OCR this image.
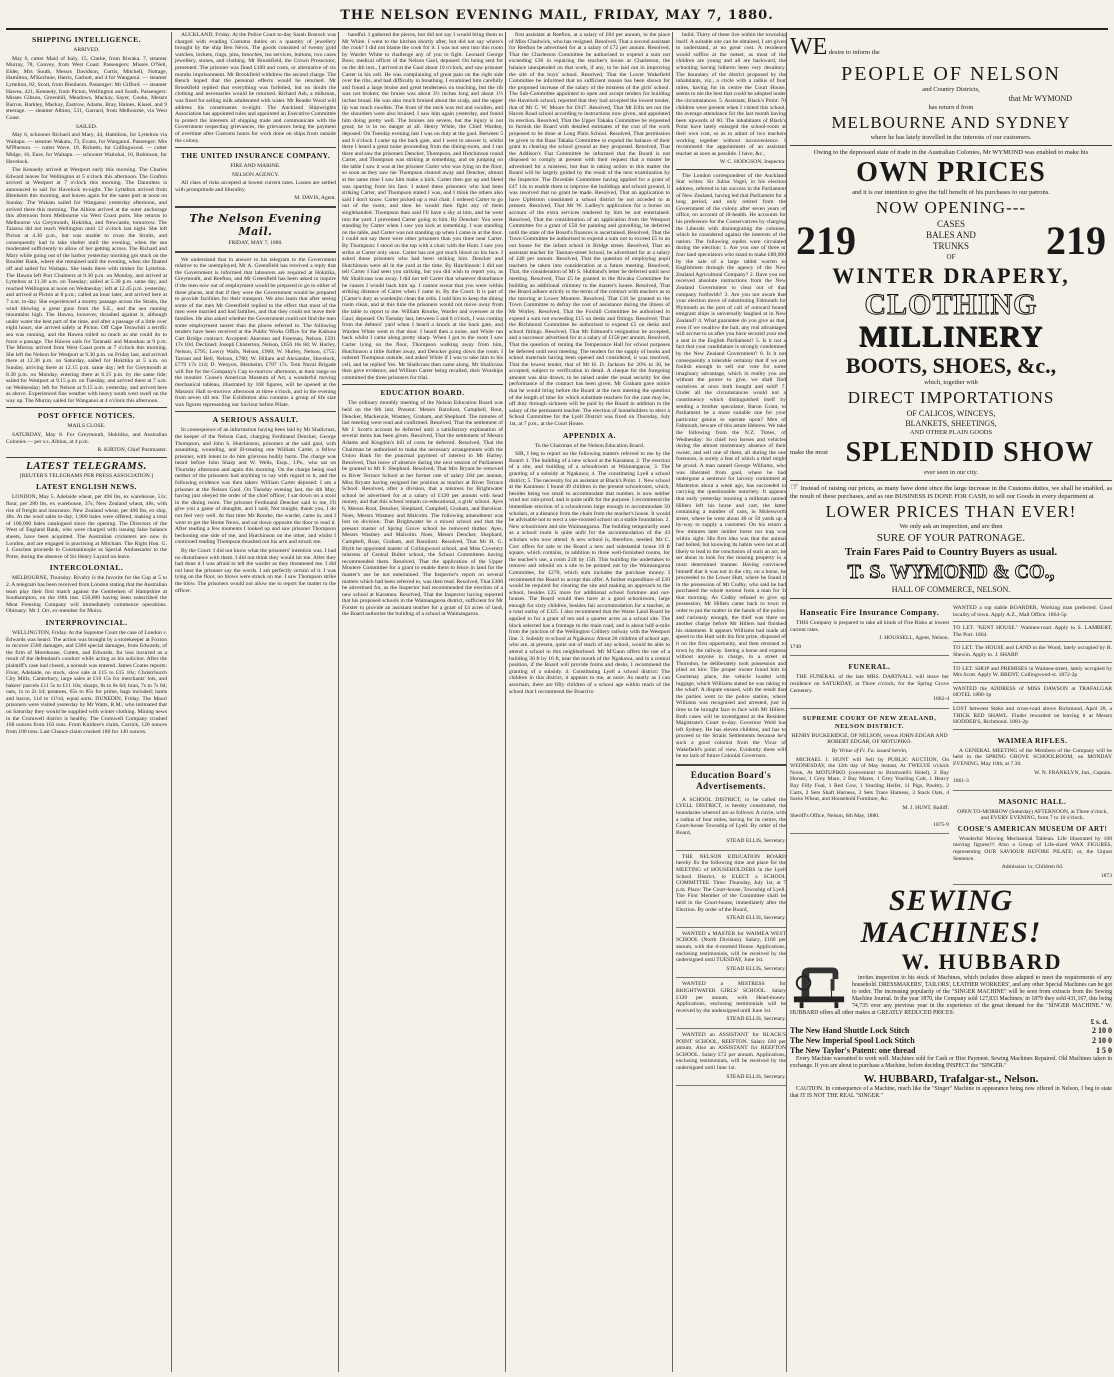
THE NELSON EVENING MAIL, FRIDAY, MAY 7, 1880.
SHIPPING INTELLIGENCE.
ARRIVED.
May 6, cutter Maid of Italy, 15, Clarke, from Riwaka. 7, steamer Murray, 78, Convey, from West Coast. Passengers: Misses O'Neil, Elder, Mrs South, Messrs Davidson, Curtis, Mitchell, Nottage, Hamilton, M'Kechnie, Harris, Garbutt, and 4 for Wanganui. — steamer Lyttelton, 82, Scott, from Blenheim. Passenger: Mr Gifford. — steamer Hawea, 421, Kennedy, from Picton, Wellington and South. Passengers: Misses Gibson, Greenhill, Meadows, Mackay, Sayer, Cooke, Messrs Barron, Barkley, Mackay, Zastrow, Adams, Bray, Haines, Kissel, and 9 steerage. — steamer Albion, 531, Garrard, from Melbourne, via West Coast.
SAILED.
May 6, schooner Richard and Mary, 44, Hamilton, for Lyttelton via Waitapu. — steamer Wakatu, 73, Evans, for Wanganui. Passenger: Mrs M'Pherson. — cutter Wave, 10, Ricketts, for Collingwood. — cutter Midge, 16, Eure, for Waitapu. — schooner Waitohai, 16, Robinson, for Havelock.
The Kennedy arrived at Westport early this morning. The Charles Edward leaves for Wellington at 5 o'clock this afternoon. The Grafton arrived at Westport at 7 o'clock this morning. The Dauntless is announced to sail for Havelock to-night. The Lyttelton arrived from Blenheim this morning, and leaves again for the same port at noon on Sunday. The Wakatu sailed for Wanganui yesterday afternoon, and arrived there this morning. The Albion arrived at the outer anchorage this afternoon from Melbourne via West Coast ports. She returns to Melbourne via Greymouth, Hokitika, and Newcastle, tomorrow. The Taiaroa did not reach Wellington until 12 o'clock last night. She left Picton at 4.30 p.m., but was unable to cross the Straits, and consequently had to take shelter until the evening, when the sea moderated sufficiently to allow of her getting across. The Richard and Mary while going out of the harbor yesterday morning got stuck on the Boulder Bank, where she remained until the evening, when she floated off and sailed for Waitapu. She leads there with timber for Lyttelton. The Hawea left Port Chalmers at 9.30 p.m. on Monday, and arrived at Lyttelton at 11.30 a.m. on Tuesday; sailed at 5.30 p.m. same day, and reached Wellington at noon on Wednesday; left at 12.45 p.m. yesterday, and arrived at Picton at 8 p.m.; called an hour later, and arrived here at 7 a.m. to-day. She experienced a stormy passage across the Straits, the wind blowing a great guns from the S.E., and the sea running mountains high. The Hawea, however, thrashed against it, although under water the best part of the time, and after a passage of a little over eight hours, she arrived safely at Picton. Off Cape Terawhiti a terrific sea was running, and the Hawea rolled so much as she could do to force a passage. The Hawea sails for Taranaki and Manukau at 9 p.m. The Murray arrived from West Coast ports at 7 o'clock this morning. She left the Nelson for Westport at 9.30 p.m. on Friday last, and arrived there at 12.30 p.m. on Saturday, sailed for Hokitika at 5 a.m. on Sunday, arriving there at 12.15 p.m. same day; left for Greymouth at 8.30 p.m. on Monday, entering there at 6.15 p.m. by the same tide; sailed for Westport at 9.15 p.m. on Tuesday, and arrived there at 7 a.m. on Wednesday; left for Nelson at 9.15 a.m. yesterday, and arrived here as above. Experienced fine weather with heavy south west swell on the way up. The Murray sailed for Wanganui at 4 o'clock this afternoon.
POST OFFICE NOTICES.
MAILS CLOSE.
SATURDAY, May 8. For Greymouth, Hokitika, and Australian Colonies — per s.s. Albion, at 4 p.m.
R. KIRTON, Chief Postmaster.
LATEST TELEGRAMS.
[REUTER'S TELEGRAMS PER PRESS ASSOCIATION.]
LATEST ENGLISH NEWS.
LONDON, May 5. Adelaide wheat, per 496 lbs, ex warehouse, 51s; flour, per 280 lbs, ex warehouse, 37s; New Zealand wheat, 48s, with rise of freight and insurance. New Zealand wheat, per 496 lbs, ex ship, 48s. At the wool sales to-day, 1,900 bales were offered, making a total of 100,000 bales catalogued since the opening. The Directors of the West of England Bank, who were charged with issuing false balance sheets, have been acquitted. The Australian cricketers are now in London, and are engaged in practising at Mitcham. The Right Hon. G. J. Goschen proceeds to Constantinople as Special Ambassador to the Porte, during the absence of Sir Henry Layard on leave.
INTERCOLONIAL.
MELBOURNE, Thursday. Rivalry is the favorite for the Cup at 5 to 2. A telegram has been received from London stating that the Australian team play their first match against the Gentlemen of Hampshire at Southampton, on the 18th inst. £50,000 having been subscribed the Meat Freezing Company will immediately commence operations. Obituary: Mr J. Orr, ex-member for Moira.
INTERPROVINCIAL.
WELLINGTON, Friday. At the Supreme Court the case of London v. Edwards was heard. The action was brought by a storekeeper at Foxton to recover £500 damages, and £300 special damages, from Edwards, of the firm of Morehouse, Cutten, and Edwards, for loss incurred as a result of the defendant's conduct while acting as his solicitor. After the plaintiff's case had closed, a nonsuit was entered. James Coates reports: Flour, Adelaide, no stock, slow sale at £15 to £15 10s; Christchurch City Mills, Canterbury, large sales at £10 15s for merchants' lots, and bakers' parcels £11 5s to £11 10s; sharps, 8s to 8s 6d; bran, 7s to 7s 6d; oats, 1s to 2s 1d; potatoes, 65s to 85s for prime, bags included; hams and bacon, 11d to 11½d, equal sorts. DUNEDIN, Friday. The Maori prisoners were visited yesterday by Mr Watts, R.M., who intimated that on Saturday they would be supplied with winter clothing. Mining news in the Cromwell district is healthy. The Cromwell Company crushed 168 ounces from 163 tons. From Kuldore's claim, Carrick, 120 ounces from 100 tons. Last Chance claim crushed 180 for 140 ounces.
AUCKLAND, Friday. At the Police Court to-day Sarah Bostock was charged with evading Customs duties on a quantity of jewellery brought by the ship Ben Nevis. The goods consisted of twenty gold watches, lockets, rings, pins, brooches, tea services, buttons, two cases jewellery, stones, and clothing. Mr Brookfield, the Crown Prosecutor, presented. The prisoner was fined £100 and costs, or alternative of six months imprisonment. Mr Brookfield withdrew the second charge. The Bench hoped that the personal effects would be returned. Mr Brookfield replied that everything was forfeited, but no doubt the clothing and necessaries would be returned. Richard Ash, a milkman, was fined for selling milk adulterated with water. Mr Reader Wood will address his constituents to-night. The Auckland Shipwrights Association has appointed rules and appointed an Executive Committee to protect the interests of shipping trade and communicate with the Government respecting grievances, the grievances being the payment of overtime after Customs hours for work done on ships from outside the colony.
THE UNITED INSURANCE COMPANY.
FIRE AND MARINE.
NELSON AGENCY.
All class of risks accepted at lowest current rates. Losses are settled with promptitude and liberality.
M. DAVIS, Agent.
The Nelson Evening Mail.
FRIDAY, MAY 7, 1880.
We understand that in answer to his telegram to the Government relative to the unemployed, Mr A. Greenfield has received a reply that the Government is informed that labourers are required at Hokitika, Greymouth, and Reefton, and Mr Greenfield has been asked to inquire if the men now out of employment would be prepared to go to either of these places, and that if they were the Government would be prepared to provide facilities for their transport. We also learn that after seeing some of the men Mr Greenfield replied to the effect that most of the men were married and had families, and that they could not leave their families. He also asked whether the Government could not find the men some employment nearer than the places referred to. The following tenders have been received at the Public Works Office for the Kaituna Cart Bridge contract: Accepted: Akersten and Freeman, Nelson, £591 17s 10d. Declined: Joseph Chisterton, Nelson, £656 16s 8d; W. Hurley, Nelson, £795; Lowry Walls, Nelson, £900; W. Hurley, Nelson, £755; Tarrant and Bell, Nelson, £780; W. Hillam and Alexander, Havelock, £779 17s 11d; D. Wenyon, Blenheim, £787 17s. Tom Naval Brigade will fire for the Company's Cup to-morrow afternoon, at their range on the moutier. Coose's American Museum of Art, a wonderful moving mechanical tableau, illustrated by 168 figures, will be opened at the Masonic Hall to-morrow afternoon at three o'clock, and in the evening from seven till ten. The Exhibition also contains a group of life size wax figures representing our Saviour before Pilate.
A SERIOUS ASSAULT.
In consequence of an information having been laid by Mr Shallcrass, the keeper of the Nelson Gaol, charging Ferdinand Dencker, George Thompson, and John S. Hutchinson, prisoners at the said gaol, with assaulting, wounding, and ill-treating one William Carter, a fellow prisoner, with intent to do him grievous bodily harm. The charge was heard before John Sharp and W. Wells, Esqs., J.Ps., who sat on Thursday afternoon and again this morning. On the charge being read neither of the prisoners had anything to say with regard to it, and the following evidence was then taken: William Carter deposed: I am a prisoner at the Nelson Gaol. On Tuesday evening last, the 4th May, having just obeyed the order of the chief officer, I sat down on a stool in the dining room. The prisoner Ferdinand Dencker said to me, I'll give you a game of draughts, and I said, Not tonight, thank you, I do not feel very well. At that time Mr Rourke, the warder, came in, and I went to get the Home News, and sat down opposite the door to read it. After reading a few moments I looked up and saw prisoner Thompson beckoning one side of me, and Hutchinson on the other, and whilst I continued reading Thompson thrashed out his arm and struck me.
By the Court: I did not know what the prisoners' intention was. I had no disturbance with them. I did not think they would hit me. After they had done it I was afraid to tell the warder as they threatened me. I did not hear the prisoner say the words. I am perfectly certain of it. I was lying on the floor, no blows were struck on me. I saw Thompson strike the blow. The prisoners would not allow me to report the matter to the officer.
handful. I gathered the pieces, but did not say I would bring them to Mr White. I went to the kitchen shortly after, but did not say where's the cook? I did not blame the cook for it. I was not sent into this room by Warder White to challenge any of you to fight. Leonard George Boor, medical officer of the Nelson Gaol, deposed: On being sent for on the 4th inst., I arrived at the Gaol about 10 o'clock, and saw prisoner Carter in his cell. He was complaining of great pain on the right side over the ribs, and had difficulty in breathing. I examined him carefully and found a large bruise and great tenderness on touching, but the rib was not broken; the bruise was about 3½ inches long and about 1½ inches broad. He was also much bruised about the scalp, and the upper lip was much swollen. The front of the neck was red and swollen, and the shoulders were also bruised. I saw him again yesterday, and found him doing pretty well. The bruises are severe, but the injury is not great; he is in no danger at all. Henry White, the Chief Warden, deposed: On Tuesday evening last I was on duty at the gaol. Between 5 and 6 o'clock I came up the back gate, and I went to answer it, whilst there I heard a great noise proceeding from the dining-room, and I ran there and saw the prisoners Dencker, Thompson, and Hutchinson round Carter, and Thompson was striking at something, and on jumping on the table I saw it was at the prisoner Carter who was lying on the floor, so soon as they saw me Thompson cleared away and Dencker, almost at the same time I saw him make a kick. Carter then got up and bleed was spurting from his face. I asked these prisoners who had been striking Carter, and Thompson stated I was, and I think the others also said I don't know. Carter picked up a real chair. I ordered Carter to go out of the room, and then he would then fight any of them singlehanded. Thompson then said I'll have a shy at him, and he went into the yard. I prevented Carter going to him. By Dencker: You were standing by Carter when I saw you kick at something. I was standing on the table, and Carter was not standing up when I came in at the door. I could not say there were other prisoners than you three near Carter. By Thompson: I stood on the top with a chair with the Hom. I saw you strike at Carter only once. Carter has not got much blood on his face. I asked these prisoners who had been striking him. Dencker and Hutchinson were all in the yard at the time. By Hutchinson: I did not tell Carter I had seen you striking, but you did wish to report you, as Mr Shallcrass was away. I did not tell Carter that whatever disturbance he causes I would back him up. I cannot swear that you were within striking distance of Carter when I came in. By the Court: It is part of [Carter's duty as warden]to clean the cells. I told him to keep the dining room clean, and at this time the prisoners would not move away from the table to report to me. William Rourke, Warder and overseer at the Gaol, deposed: On Tuesday last, between 5 and 6 o'clock, I was coming from the debtors' yard when I heard a knock at the back gate, and Warden White went to that door. I heard then a noise, and White ran back whilst I came along pretty sharp. When I got to the room I saw Carter lying on the floor, Thompson walking away from him, Hutchinson a little further away, and Dencker going down the room. I ordered Thompson outside, and asked White if I was to take him to his cell, and he replied Yes. Mr Shallcrass then came along. Mr Shallcrass then gave evidence, and William Carter being recalled, their Worships committed the three prisoners for trial.
EDUCATION BOARD.
The ordinary monthly meeting of the Nelson Education Board was held on the 6th inst. Present: Messrs Baroliost, Campbell, Rout, Dencker, Mackenzie, Wastney, Graham, and Shephard. The minutes of last meeting were read and confirmed. Resolved, That the settlement of Mr J. Scott's account be deferred until a satisfactory explanation of several items has been given. Resolved, That the settlement of Messrs Adams and Kingdon's bill of costs be deferred. Resolved, That the Chairman be authorised to make the necessary arrangements with the Union Bank for the punctual payment of interest to Mr Harley. Resolved, That leave of absence during the next session of Parliament be granted to Mr F. Shephard. Resolved, That Mrs Bryant be removed to River Terrace School at her former rate of salary £84 per annum, Miss Bryant having resigned her position as teacher at River Terrace School. Resolved, after a division, that a mistress for Brightwater school be advertised for at a salary of £120 per annum with head money, and that this school remain co-educational, a girls' school. Ayes 6, Messrs Rout, Dencker, Shephard, Campbell, Graham, and Baroliost. Noes, Messrs Wastney and Malcolm. The following amendment was lost on division: That Brightwater be a mixed school and that the present master of Spring Grove school be removed thither. Ayes, Messrs Wastney and Malcolm. Noes, Messrs Dencker, Shephard, Campbell, Rout, Graham, and Baroliost. Resolved, That Mr H. G. Blyth be appointed master of Collingwood school, and Miss Coventry mistress of Central Bulter school, the School Committees having recommended them. Resolved, That the application of the Upper Moutere Committee for a grant to enable them to fence in land for the master's use be not entertained. The Inspector's report on several matters which had been referred to, was then read. Resolved, That £300 be advertised for, as the Inspector had recommended the erection of a new school at Karamea. Resolved, That the Inspector having reported that his proposed schools in the Waimangaroa district, sufficient for Mr Forster to provide an assistant teacher for a grant of £4 acres of land, the Board authorise the building of a school at Waimangaroa.
first assistant at Reefton, at a salary of £84 per annum, in the place of Miss Chadwick, who has resigned. Resolved, That a second assistant for Reefton be advertised for at a salary of £72 per annum. Resolved, That the Charleston Committee be authorised to expend a sum not exceeding £30 in repairing the teacher's house at Charleston, the balance unexpended on that work, if any, to be laid out in improving the site of the boys' school. Resolved, That the Lower Wakefield Committee be informed that no sufficient reason has been shown for the proposed increase of the salary of the mistress of the girls' school. The Sub-Committee appointed to open and accept tenders for building the Havelock school, reported that they had accepted the lowest tender, that of Mr C. W. Moore for £947. Resolved, That Mr Ellis set out the Haven Road school according to instructions now given, and appointed its erection. Resolved, That the Upper Takaka Committee be requested to furnish the Board with detailed estimates of the cost of the work proposed to be done at Long Plain School. Resolved, That permission be given to the Baas Takaka Committee to expend the balance of their grant in clearing the school ground as they proposed. Resolved, That the Addison's Flat Committee be informed that the Board is not disposed to comply at present with their request that a master be advertised for a mistress, but that in taking action in this matter the Board will be largely guided by the result of the next examination by the Inspector. The Dovedale Committee having applied for a grant of £47 14s to enable them to improve the buildings and school ground, it was resolved that no grant be made. Resolved, That an application to have Upfelston constituted a school district be not acceded to at present. Resolved, That Mr W. Ladley's application for a bonus on account of the extra services rendered by him be not entertained. Resolved, That the consideration of an application from the Westport Committee for a grant of £50 for painting and gravelling, be deferred until the state of the Board's finances is ascertained. Resolved, That the Town Committee be authorised to expend a sum not to exceed £5 in an out house for the infant school in Bridge street. Resolved, That an assistant teacher for Tasman-street School, be advertised for at a salary of £48 per annum. Resolved, That the question of employing pupil teachers be taken into consideration at a future meeting. Resolved, That, the consideration of Mr S. Hubband's letter be deferred until next meeting. Resolved, That £5 be granted to the Riwaka Committee for building an additional chimney to the master's house. Resolved, That the Board adhere strictly to the terms of the contract with teachers as to the tutoring at Lower Moutere. Resolved, That £10 be granted to the Town Committee to defray the cost of assistance during the illness of Mr Worley. Resolved, That the Foxhill Committee be authorised to expend a sum not exceeding £15 on desks and fittings. Resolved, That the Richmond Committee be authorised to expend £5 on desks and school fittings. Resolved, That Mr Edmund's resignation be accepted, and a successor advertised for at a salary of £150 per annum. Resolved, That the question of renting the Temperance Hall for school purposes be deferred until next meeting. The tenders for the supply of books and school materials having been opened and considered, it was resolved, That the lowest tender, that of Mr H. D. Jackson for 20% to 30, be accepted, subject to verification in detail. A cheque for the foregoing amount was also drawn, to be raised under the usual security for due performance of the contract has been given. Mr Graham gave notice that he would bring before the Board at the next meeting the question of the length of time for which substitute teachers for the case may be, off duty through sickness will be paid by the Board in addition to the salary of the permanent teacher. The election of householders to elect a School Committee for the Lyell District was fixed on Thursday, July 1st, at 7 p.m., at the Court House.
APPENDIX A.
To the Chairman of the Nelson Education Board.
SIR, I beg to report on the following matters referred to me by the Board: 1. The building of a new school at the Karamea; 2. The erection of a site, and building of a schoolroom at Waimangaroa; 3. The granting of a subsidy at Ngakawa; 4. The constituting Lyell a school district; 5. The necessity for an assistant at Black's Point. 1. New school at the Karamea: I found 49 children in the present schoolroom, which, besides being too small to accommodate that number, is now neither wind nor rain-proof, and is quite unfit for the purpose. I recommend the immediate erection of a schoolroom large enough to accommodate 50 scholars, at a distance from the chain from the teacher's house. It would be advisable not to erect a one-roomed school on a stable foundation. 2. New schoolroom and site Waimangaroa. The building temporarily used as a school room is quite unfit for the accommodation of the 43 scholars who now attend. A new school is, therefore, needed. Mr C. Corr offers for sale to the Board a new and substantial house 18 ft square, which contains, in addition to three well-furnished rooms, for the teacher's use, a room 21ft by 15ft. This building the undertakes to remove and rebuild on a site to be pointed out by the Waimangaroa Committee, for £270, which sum includes the purchase money. I recommend the Board to accept this offer. A further expenditure of £30 would be required for clearing the site and making an approach to the school, besides £25 more for additional school furniture and out-houses. The Board would then have at a good schoolroom, large enough for sixty children, besides fair accommodation for a teacher, at a total outlay of £325. I also recommend that the Waste Land Board be applied to for a grant of ten and a quarter acres as a school site. The block selected has a frontage to the main road, and is about half-a-mile from the junction of the Wellington Colliery railway with the Westport line. 3. Subsidy to school at Ngakawa: About 20 children of school age, who are, at present, quite out of reach of any school, would be able to attend a school in this neighborhood. Mr M'Gann offers the use of a building 30 ft by 16 ft, near the mouth of the Ngakawa, and in a central position, if the Board will provide forms and desks, I recommend the granting of a subsidy. 4. Constituting Lyell a school district: The children in this district, it appears to me, at once. As nearly as I can ascertain, there are fifty children of a school age within reach of the school that I recommend the Board to
build. Thirty of these live within the township itself. A suitable site can be obtained, I am given to understand, at no great cost. A residence would suffice at the outset, as most of the children are young and all are backward, the schooling having hitherto been very desultory. The boundary of the district proposed by the inhabitants, viz., a circle with a radius of four miles, having for its centre the Court House, seems to me the best that could be adopted under the circumstances. 5. Assistant, Black's Point: 70 children were present when I visited this school, the average attendance for the last month having been upwards of 60. The inhabitants of Black's Point have lately enlarged the school-room at their own cost, so as to admit of two teachers working together without inconvenience. I recommend the appointment of an assistant teacher as soon as possible. I have, &c.,
W. C. HODGSON, Inspector.
The London correspondent of the Auckland Star writes: Sir Julius Vogel, in his election address, referred to his success in the Parliament of New Zealand, having led that Parliament for a long period, and only retired from the Government of the colony after seven years of office, on account of ill-health. He accounts for his preference for the Conservatives by charging the Liberals with disintegrating the colonies, which he considered against the interests of the nation. The following squibs were circulated during the election: 1. Are you one of three or four land speculators who stand to make £80,000 by the sale of a large rabbit warren to Englishmen through the agency of the New Zealand Agricultural Company? 2. Have you not received absolute instructions from the New Zealand Government to clear out of that company forthwith? 3. Are you not aware that your election move of substituting Falmouth for Plymouth as the port of call of outward bound emigrant ships is universally laughed at in New Zealand? 4. What guarantee do you give us that, even if we swallow the bait, any real advantages will accrue to us after you have secured your end a seat in the English Parliament? 5. Is it not a fact that your candidature is strongly condemned by the New Zealand Government? 6. Is it not consequently a tolerable certainty that if we are foolish enough to sell our vote for some imaginary advantage, which in reality you are without the power to give, we shall find ourselves at once both bought and sold? 7. Under all the circumstances would not a constituency which distinguished itself by sending a brother speculator, Baron Grant, to Parliament be a more suitable one for your particular genius to operate upon? Men of Falmouth, beware of this astute Hebrew. We take the following from the N.Z. Times, of Wednesday: So chief two horses and vehicles during the almost momentary absence of their owner, and sell one of them, all during the one forenoon, is surely a feat of which a thief might be proud. A man named George Williams, who was liberated from gaol, where he had undergone a sentence for larceny committed at Masterton about a week ago, has succeeded in carrying the questionable notoriety. It appears that early yesterday morning a milkman named Hillers left his horse and cart, the latter containing a number of cans, in Molesworth street, where he went about 40 or 50 yards up a by-way to supply a customer. On his return a few minutes later neither horse nor trap was within sight. His first idea was that the animal had bolted, but knowing its habits were not at all likely to lead to the conclusion of such an act, he set about to look for the missing property in a most determined manner. Having convinced himself that it was not in the city, on a horse, he proceeded to the Lower Hutt, where he found it in the possession of Mr Cudby, who said he had purchased the whole turnout from a man for 3l that morning. As Cudby refused to give up possession, Mr Hillers came back to town in order to put the matter in the hands of the police, and curiously enough, the thief was there on another charge before Mr Hillers had finished his statement. It appears Williams had made all speed to the Hutt with his first prize, disposed of it on the first opportunity, and then returned to town by the railway. Seeing a horse and express without anyone in charge, in a street at Thorndon, he deliberately took possession and plied on hire. The proper owner found him in Courtenay place, the vehicle loaded with luggage, which Williams stated he was taking to the wharf. A dispute ensued, with the result that the parties went to the police station, where Williams was recognised and arrested, just in time to be brought face to face with Mr Hillers. Both cases will be investigated at the Resident Magistrate's Court to-day. Governor Weld has left Sydney. He has eleven children, and has to proceed to the Straits Settlements because he's such a good colonist from the Vicar of Wakefield's point of view. Evidently there will be no lack of future Colonial Governors.
Education Board's Advertisements.
A SCHOOL DISTRICT, to be called the LYELL DISTRICT, is hereby constituted, the boundaries whereof are as follows: A circle, with a radius of four miles, having for its centre, the Court-house Township of Lyell. By order of the Board,
STEAD ELLIS, Secretary.
THE NELSON EDUCATION BOARD hereby fix the following time and place for the MEETING of HOUSEHOLDERS in the Lyell School District, to ELECT a SCHOOL COMMITTEE. Time: Thursday, July 1st, at 7 p.m. Place: The Court-house, Township of Lyell. The First Member of the Committee shall be held in the Court-house, immediately after the Election. By order of the Board,
STEAD ELLIS, Secretary.
WANTED a MASTER for WAIMEA WEST SCHOOL (North Division). Salary, £160 per annum, with the 4-roomed House. Applications, enclosing testimonials, will be received by the undersigned until TUESDAY, June 1st.
STEAD ELLIS, Secretary.
WANTED a MISTRESS for BRIGHTWATER GIRLS' SCHOOL. Salary £120 per annum, with Head-money. Applications, enclosing testimonials will be received by the undersigned until June 1st.
STEAD ELLIS, Secretary.
WANTED an ASSISTANT for BLACK'S POINT SCHOOL, REEFTON. Salary £60 per annum. Also an ASSISTANT for REEFTON SCHOOL. Salary £72 per annum. Applications, enclosing testimonials, will be received by the undersigned until June 1st.
STEAD ELLIS, Secretary.
WE desire to inform the
PEOPLE OF NELSON
and Country Districts,
that Mr WYMOND
has return d from
MELBOURNE AND SYDNEY
where he has lately travelled in the interests of our customers.
Owing to the depressed state of trade in the Australian Colonies, Mr WYMOND was enabled to make his
OWN PRICES
and it is our intention to give the full benefit of his purchases to our patrons.
NOW OPENING---
219	CASES
BALES AND
TRUNKS
OF	219
WINTER DRAPERY,
CLOTHING
MILLINERY
BOOTS, SHOES, &c.,
which, together with
DIRECT IMPORTATIONS
OF CALICOS, WINCEYS,
BLANKETS, SHEETINGS,
AND OTHER PLAIN GOODS
make the most SPLENDID SHOW
ever seen in our city.
☞ Instead of raising our prices, as many have done since the large increase in the Customs duties, we shall be enabled, as the result of these purchases, and as our BUSINESS IS DONE FOR CASH, to sell our Goods in every department at
LOWER PRICES THAN EVER!
We only ask an inspection, and are then
SURE OF YOUR PATRONAGE.
Train Fares Paid to Country Buyers as usual.
T. S. WYMOND & CO.,
HALL OF COMMERCE, NELSON.
Hanseatic Fire Insurance Company.
THIS Company is prepared to take all kinds of Fire Risks at lowest current rates.
J. HOUSSELL, Agent, Nelson.
1740
FUNERAL.
THE FUNERAL of the late MRS. DARTNALL will leave her residence on SATURDAY, at Three o'clock, for the Spring Grove Cemetery.
1862-4
SUPREME COURT OF NEW ZEALAND, NELSON DISTRICT.
HENRY BUCKERIDGE, OF NELSON, versus JOHN EDGAR AND ROBERT EDGAR, OF MOTUPIKO.
By Virtue of Fi. Fa. issued herein,
MICHAEL J. HUNT will Sell by PUBLIC AUCTION, On WEDNESDAY, the 12th day of May instant, At TWELVE o'clock Noon, At MOTUPIKO (convenient to Bromwell's Hotel), 2 Bay Horses, 1 Grey Mare, 2 Bay Mares, 1 Grey Yearling Colt, 1 Heavy Bay Filly Foal, 1 Red Cow, 1 Yearling Heifer, 11 Pigs, Poultry, 2 Carts, 2 Sets Shaft Harness, 3 Sets Trace Harness, 3 Stack Oats, 4 Sacks Wheat, and Household Furniture, &c.
M. J. HUNT, Bailiff.
Sheriff's Office, Nelson, 6th May, 1880.
1875-9
WANTED a top stable BOARDER, Working man preferred. Good locality of town. Apply A.Z., Mail Office. 1864-5p
TO LET. "KENT HOUSE." Waimea-road. Apply to S. LAMBERT, The Port. 1864
TO LET. The HOUSE and LAND in the Wood, lately occupied by R. Shewin. Apply to. J. SHARP.
TO LET. SHOP and PREMISES in Waimea-street, lately occupied by Mrs Scott. Apply W. BRENT, Collingwood-st. 1872-2p
WANTED the ADDRESS of MISS DAWSON at TRAFALGAR HOTEL 1880-1p
LOST between Stoke and cross-road above Richmond, April 28, a THICK RED SHAWL. Finder rewarded on leaving it at Messrs HODDER'S, Richmond. 1881-2p
WAIMEA RIFLES.
A GENERAL MEETING of the Members of the Company will be held in the SPRING GROVE SCHOOLROOM, on MONDAY EVENING, May 10th, at 7.30.
W. N. FRANKLYN, Jun., Captain.
1861-3
MASONIC HALL.
OPEN TO-MORROW (Saturday) AFTERNOON, at Three o'clock, and EVERY EVENING, from 7 to 10 o'clock.
COOSE'S AMERICAN MUSEUM OF ART!
Wonderful Moving Mechanical Tableau. Life illustrated by 168 moving figures!!! Also a Group of Life-sized WAX FIGURES, representing OUR SAVIOUR BEFORE PILATE; or, the Unjust Sentence.
Admission 1s; Children 6d.
1873
SEWING
MACHINES!
W. HUBBARD
invites inspection to his stock of Machines, which includes those adapted to meet the requirements of any household. DRESSMAKERS', TAILORS', LEATHER WORKERS', and any other Special Machines can be got to order. The increasing popularity of the "SINGER MACHINE" will be seen from extracts from the Sewing Machine Journal. In the year 1870, the Company sold 127,833 Machines; in 1879 they sold 431,167, this being 74,735 over any previous year in the experience of the great demand for the "SINGER MACHINE." W. HUBBARD offers all other makes at GREATLY REDUCED PRICES:
£ s. d.
The New Hand Shuttle Lock Stitch	2 10 0
The New Imperial Spool Lock Stitch	2 10 0
The New Taylor's Patent: one thread	1 5 0
Every Machine warranted to work well. Machines sold for Cash or Hire Payment. Sewing Machines Repaired. Old Machines taken in exchange. If you are about to purchase a Machine, before deciding INSPECT the "SINGER."
W. HUBBARD, Trafalgar-st., Nelson.
CAUTION. In consequence of a Machine, much like the "Singer" Machine in appearance being now offered in Nelson, I beg to state that IT IS NOT THE REAL "SINGER."
